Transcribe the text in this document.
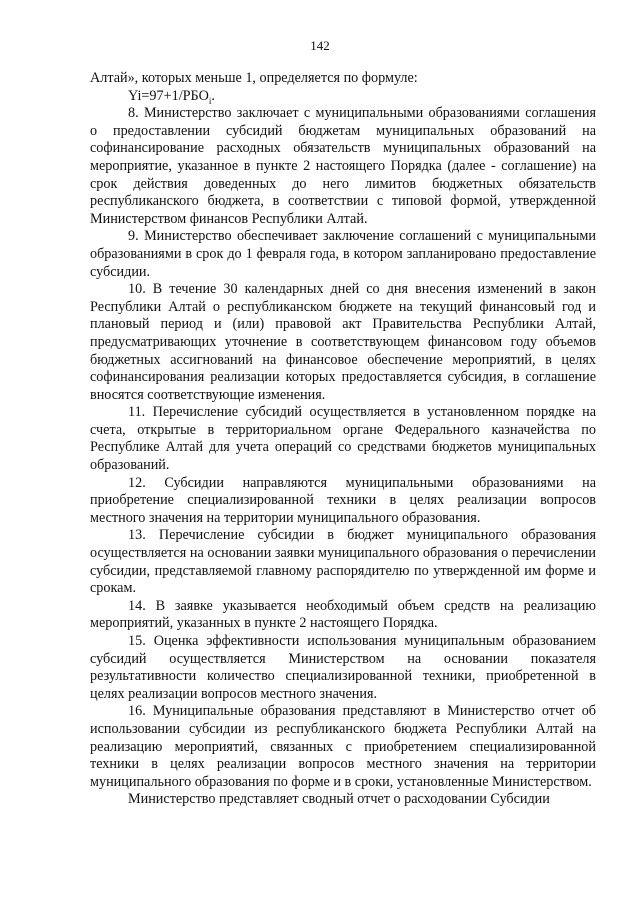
142

Алтай», которых меньше 1, определяется по формуле:

$Yi=97+1/РБО_i$.

8. Министерство заключает с муниципальными образованиями соглашения о предоставлении субсидий бюджетам муниципальных образований на софинансирование расходных обязательств муниципальных образований на мероприятие, указанное в пункте 2 настоящего Порядка (далее - соглашение) на срок действия доведенных до него лимитов бюджетных обязательств республиканского бюджета, в соответствии с типовой формой, утвержденной Министерством финансов Республики Алтай.

9. Министерство обеспечивает заключение соглашений с муниципальными образованиями в срок до 1 февраля года, в котором запланировано предоставление субсидии.

10. В течение 30 календарных дней со дня внесения изменений в закон Республики Алтай о республиканском бюджете на текущий финансовый год и плановый период и (или) правовой акт Правительства Республики Алтай, предусматривающих уточнение в соответствующем финансовом году объемов бюджетных ассигнований на финансовое обеспечение мероприятий, в целях софинансирования реализации которых предоставляется субсидия, в соглашение вносятся соответствующие изменения.

11. Перечисление субсидий осуществляется в установленном порядке на счета, открытые в территориальном органе Федерального казначейства по Республике Алтай для учета операций со средствами бюджетов муниципальных образований.

12. Субсидии направляются муниципальными образованиями на приобретение специализированной техники в целях реализации вопросов местного значения на территории муниципального образования.

13. Перечисление субсидии в бюджет муниципального образования осуществляется на основании заявки муниципального образования о перечислении субсидии, представляемой главному распорядителю по утвержденной им форме и срокам.

14. В заявке указывается необходимый объем средств на реализацию мероприятий, указанных в пункте 2 настоящего Порядка.

15. Оценка эффективности использования муниципальным образованием субсидий осуществляется Министерством на основании показателя результативности количество специализированной техники, приобретенной в целях реализации вопросов местного значения.

16. Муниципальные образования представляют в Министерство отчет об использовании субсидии из республиканского бюджета Республики Алтай на реализацию мероприятий, связанных с приобретением специализированной техники в целях реализации вопросов местного значения на территории муниципального образования по форме и в сроки, установленные Министерством.

Министерство представляет сводный отчет о расходовании Субсидии
